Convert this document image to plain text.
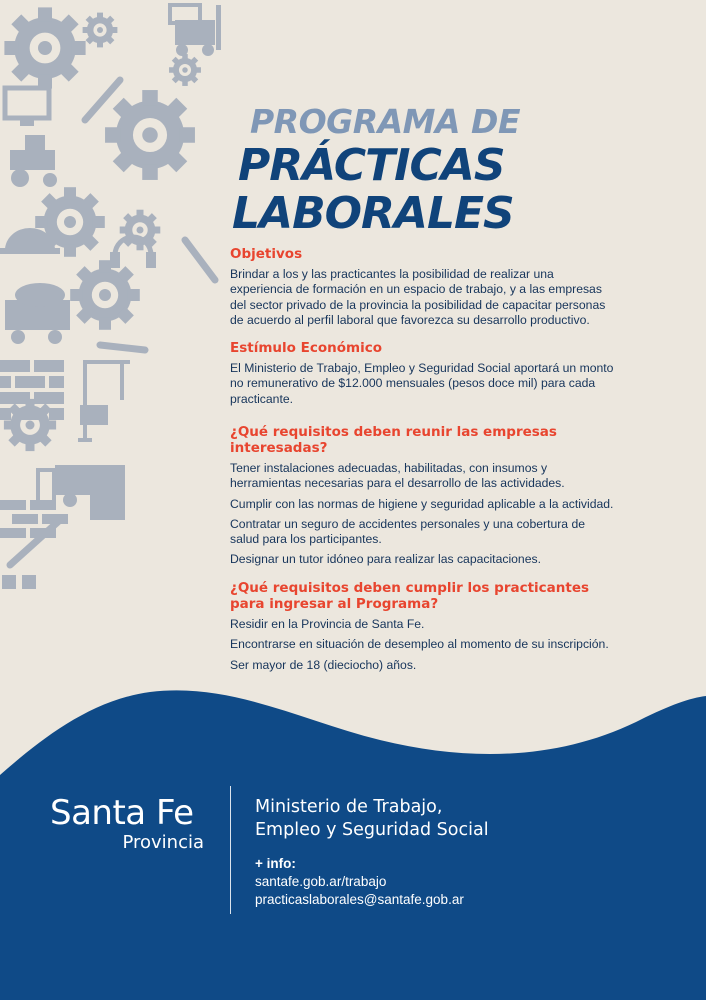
PROGRAMA DE

PRÁCTICAS

LABORALES

Objetivos

Brindar a los y las practicantes la posibilidad de realizar una

experiencia de formación en un espacio de trabajo, y a las empresas

del sector privado de la provincia la posibilidad de capacitar personas

de acuerdo al perfil laboral que favorezca su desarrollo productivo.

Estímulo Económico

El Ministerio de Trabajo, Empleo y Seguridad Social aportará un monto

no remunerativo de $12.000 mensuales (pesos doce mil) para cada

practicante.

¿Qué requisitos deben reunir las empresas

interesadas?

Tener instalaciones adecuadas, habilitadas, con insumos y

herramientas necesarias para el desarrollo de las actividades.

Cumplir con las normas de higiene y seguridad aplicable a la actividad.

Contratar un seguro de accidentes personales y una cobertura de

salud para los participantes.

Designar un tutor idóneo para realizar las capacitaciones.

¿Qué requisitos deben cumplir los practicantes

para ingresar al Programa?

Residir en la Provincia de Santa Fe.

Encontrarse en situación de desempleo al momento de su inscripción.

Ser mayor de 18 (dieciocho) años.

Santa Fe
Provincia
Ministerio de Trabajo,
Empleo y Seguridad Social
+ info:
santafe.gob.ar/trabajo
practicaslaborales@santafe.gob.ar
